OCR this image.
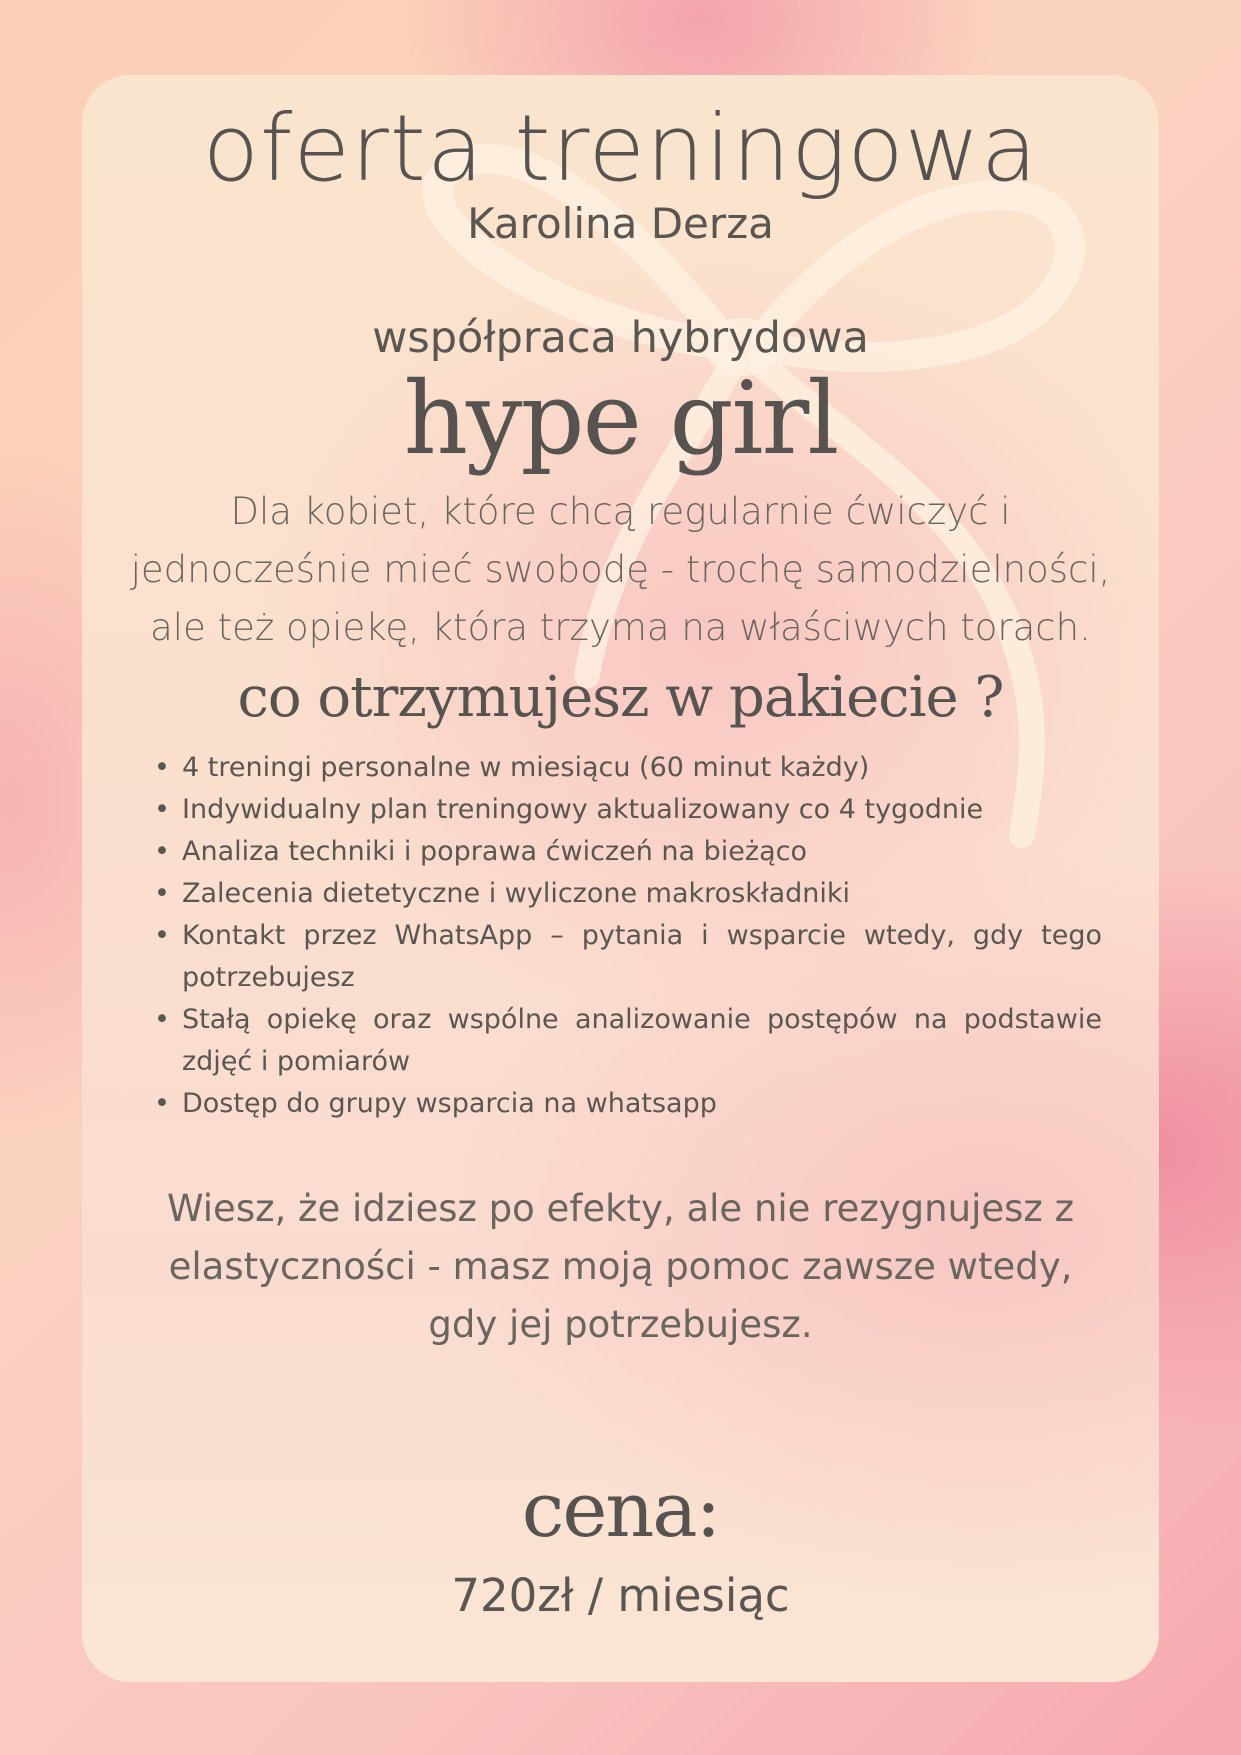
oferta treningowa
Karolina Derza
współpraca hybrydowa
hype girl
Dla kobiet, które chcą regularnie ćwiczyć i
jednocześnie mieć swobodę - trochę samodzielności,
ale też opiekę, która trzyma na właściwych torach.
co otrzymujesz w pakiecie ?
• 4 treningi personalne w miesiącu (60 minut każdy)
• Indywidualny plan treningowy aktualizowany co 4 tygodnie
• Analiza techniki i poprawa ćwiczeń na bieżąco
• Zalecenia dietetyczne i wyliczone makroskładniki
• Kontakt przez WhatsApp – pytania i wsparcie wtedy, gdy tego potrzebujesz
• Stałą opiekę oraz wspólne analizowanie postępów na podstawie zdjęć i pomiarów
• Dostęp do grupy wsparcia na whatsapp
Wiesz, że idziesz po efekty, ale nie rezygnujesz z
elastyczności - masz moją pomoc zawsze wtedy,
gdy jej potrzebujesz.
cena:
720zł / miesiąc
